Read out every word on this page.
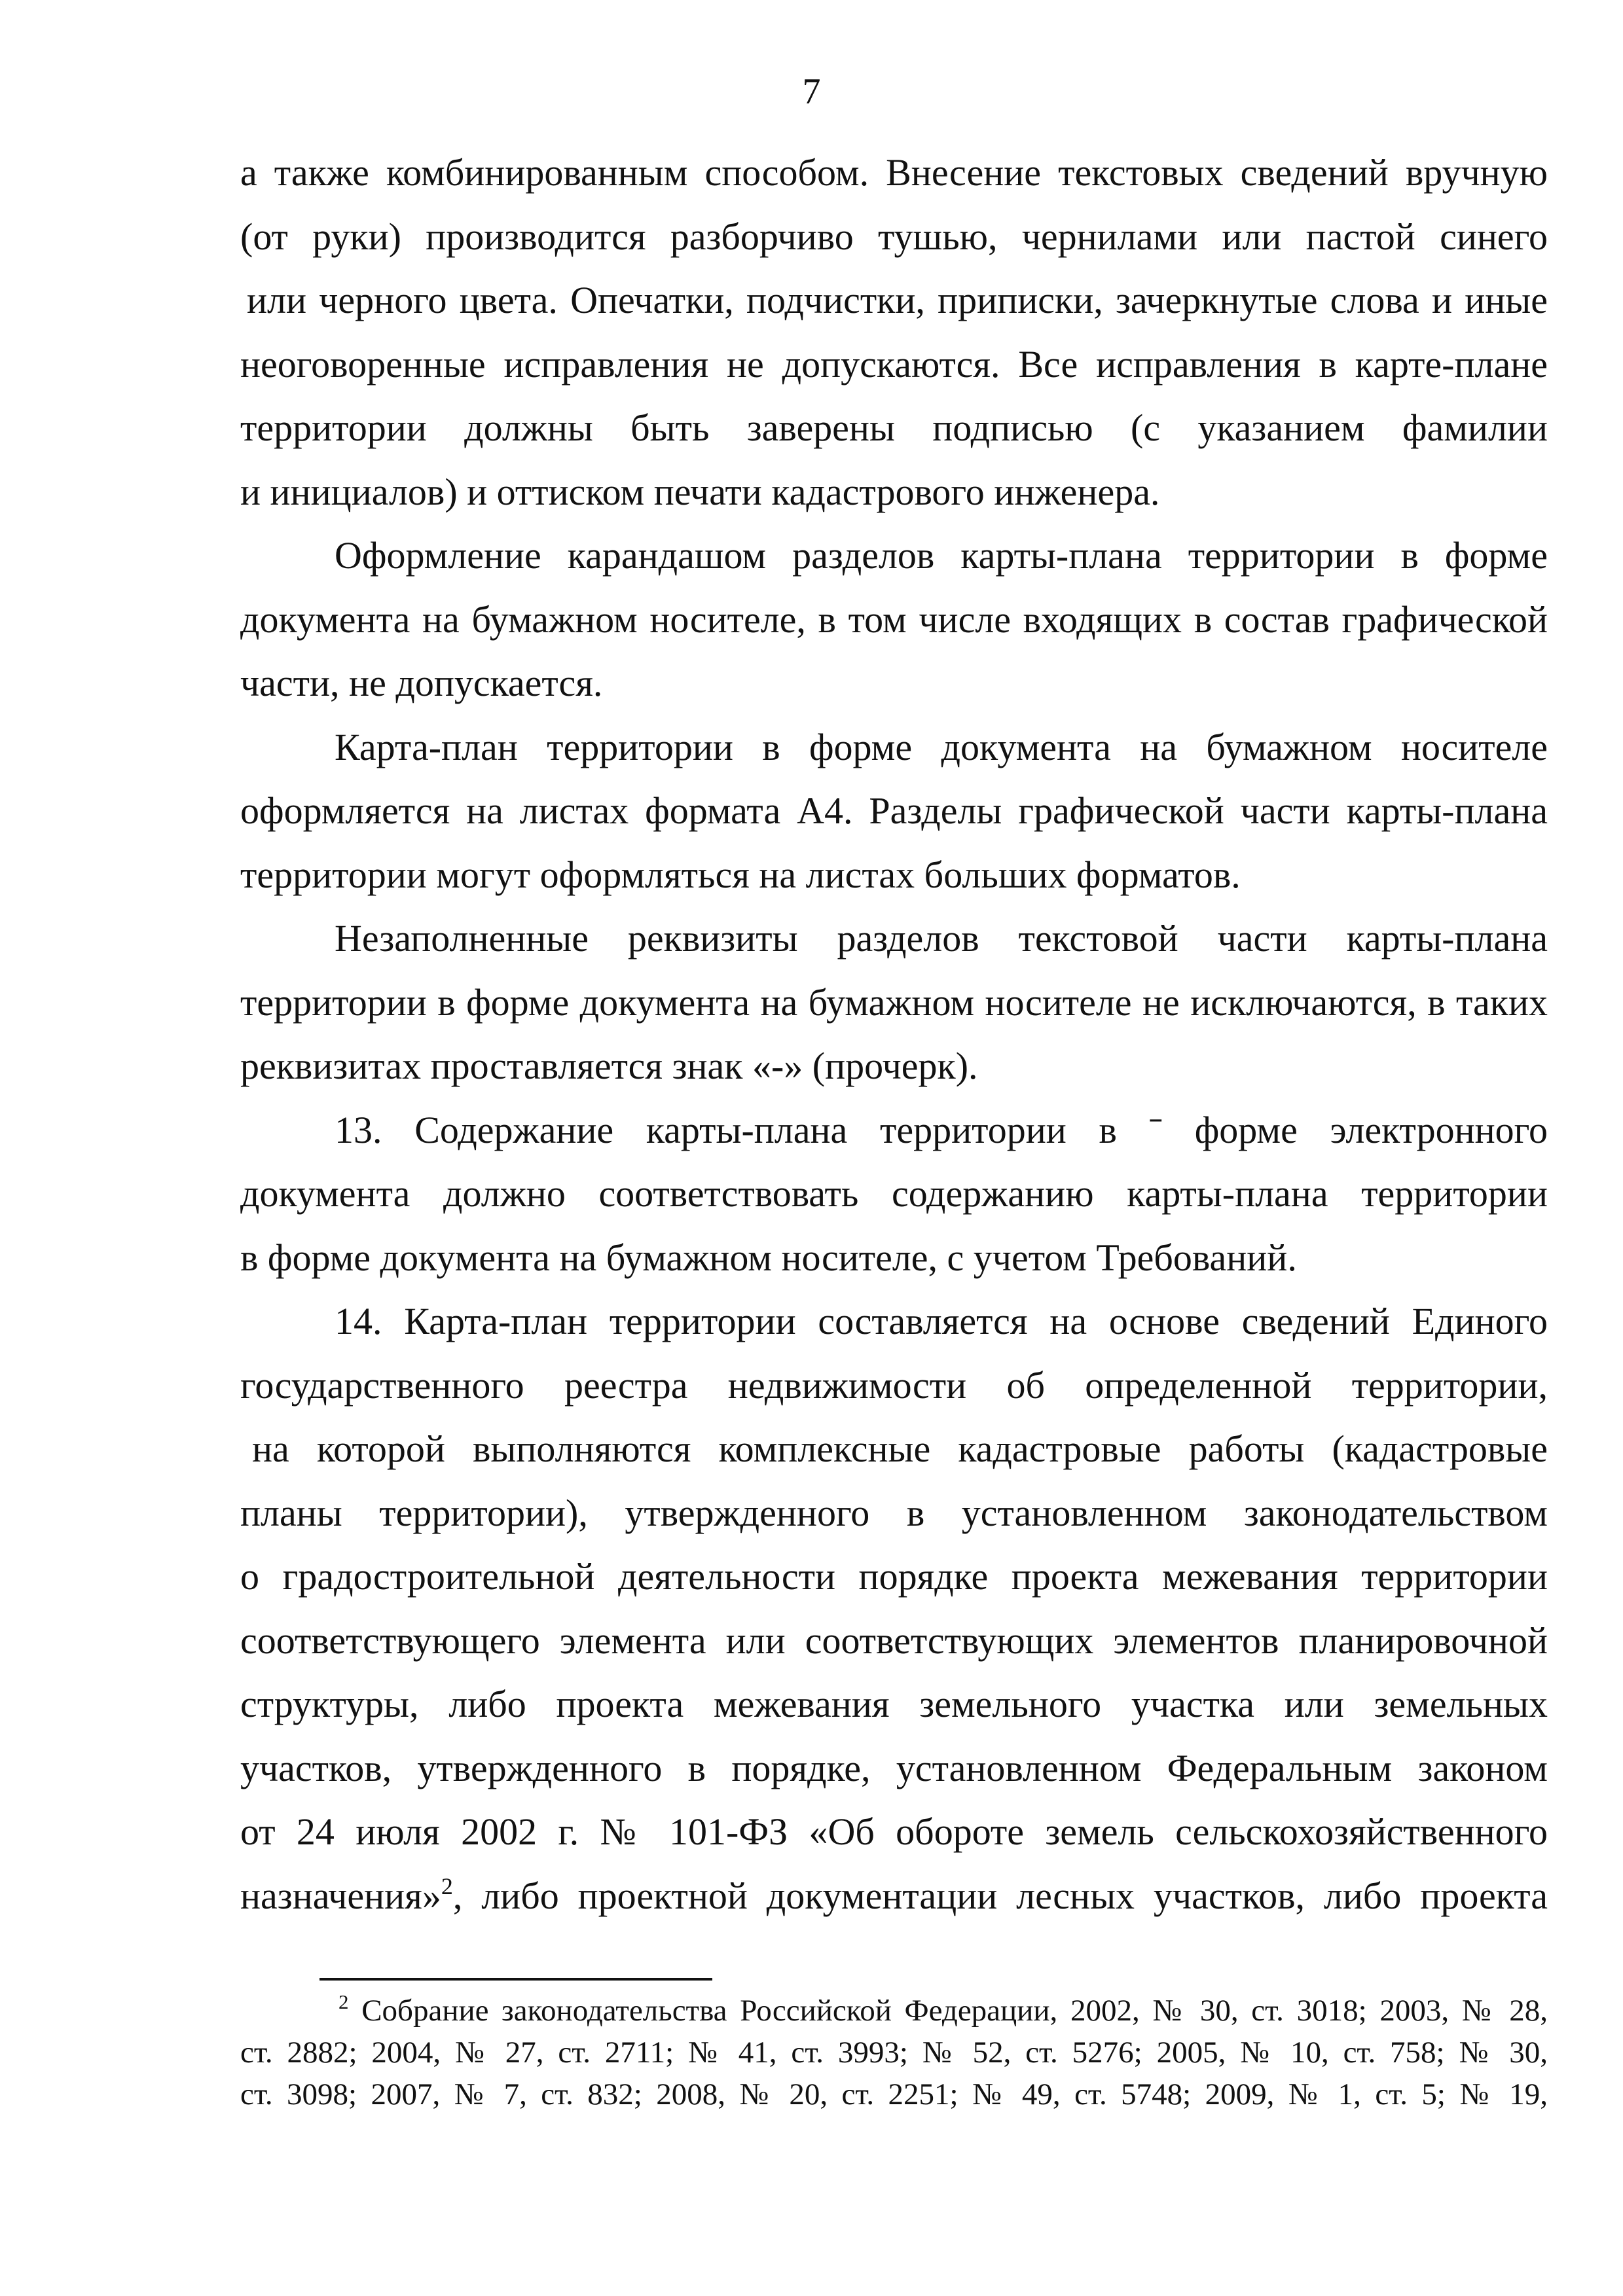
7
а также комбинированным способом. Внесение текстовых сведений вручную
(от руки) производится разборчиво тушью, чернилами или пастой синего
или черного цвета. Опечатки, подчистки, приписки, зачеркнутые слова и иные
неоговоренные исправления не допускаются. Все исправления в карте-плане
территории должны быть заверены подписью (с указанием фамилии
и инициалов) и оттиском печати кадастрового инженера.
Оформление карандашом разделов карты-плана территории в форме
документа на бумажном носителе, в том числе входящих в состав графической
части, не допускается.
Карта-план территории в форме документа на бумажном носителе
оформляется на листах формата А4. Разделы графической части карты-плана
территории могут оформляться на листах больших форматов.
Незаполненные реквизиты разделов текстовой части карты-плана
территории в форме документа на бумажном носителе не исключаются, в таких
реквизитах проставляется знак «-» (прочерк).
13. Содержание карты-плана территории в ˉ форме электронного
документа должно соответствовать содержанию карты-плана территории
в форме документа на бумажном носителе, с учетом Требований.
14. Карта-план территории составляется на основе сведений Единого
государственного реестра недвижимости об определенной территории,
на которой выполняются комплексные кадастровые работы (кадастровые
планы территории), утвержденного в установленном законодательством
о градостроительной деятельности порядке проекта межевания территории
соответствующего элемента или соответствующих элементов планировочной
структуры, либо проекта межевания земельного участка или земельных
участков, утвержденного в порядке, установленном Федеральным законом
от 24 июля 2002 г. № 101-ФЗ «Об обороте земель сельскохозяйственного
назначения»$^2$, либо проектной документации лесных участков, либо проекта
$^2$ Собрание законодательства Российской Федерации, 2002, № 30, ст. 3018; 2003, № 28,
ст. 2882; 2004, № 27, ст. 2711; № 41, ст. 3993; № 52, ст. 5276; 2005, № 10, ст. 758; № 30,
ст. 3098; 2007, № 7, ст. 832; 2008, № 20, ст. 2251; № 49, ст. 5748; 2009, № 1, ст. 5; № 19,
